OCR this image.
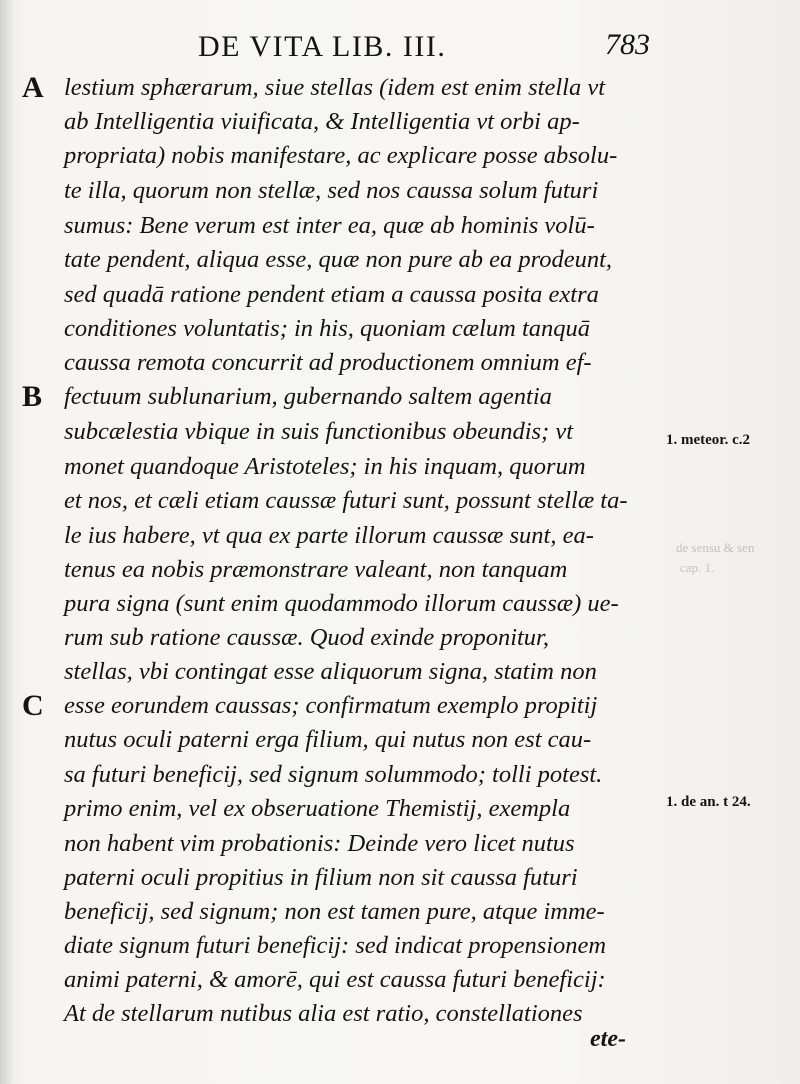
DE VITA LIB. III.	783
A
B
C
lestium sphærarum, siue stellas (idem est enim stella vt
ab Intelligentia viuificata, & Intelligentia vt orbi ap-
propriata) nobis manifestare, ac explicare posse absolu-
te illa, quorum non stellæ, sed nos caussa solum futuri
sumus: Bene verum est inter ea, quæ ab hominis volū-
tate pendent, aliqua esse, quæ non pure ab ea prodeunt,
sed quadā ratione pendent etiam a caussa posita extra
conditiones voluntatis; in his, quoniam cælum tanquā
caussa remota concurrit ad productionem omnium ef-
fectuum sublunarium, gubernando saltem agentia
subcælestia vbique in suis functionibus obeundis; vt
monet quandoque Aristoteles; in his inquam, quorum
et nos, et cæli etiam caussæ futuri sunt, possunt stellæ ta-
le ius habere, vt qua ex parte illorum caussæ sunt, ea-
tenus ea nobis præmonstrare valeant, non tanquam
pura signa (sunt enim quodammodo illorum caussæ) ue-
rum sub ratione caussæ. Quod exinde proponitur,
stellas, vbi contingat esse aliquorum signa, statim non
esse eorundem caussas; confirmatum exemplo propitij
nutus oculi paterni erga filium, qui nutus non est cau-
sa futuri beneficij, sed signum solummodo; tolli potest.
primo enim, vel ex obseruatione Themistij, exempla
non habent vim probationis: Deinde vero licet nutus
paterni oculi propitius in filium non sit caussa futuri
beneficij, sed signum; non est tamen pure, atque imme-
diate signum futuri beneficij: sed indicat propensionem
animi paterni, & amorē, qui est caussa futuri beneficij:
At de stellarum nutibus alia est ratio, constellationes
1. meteor. c.2
1. de an. t 24.
de sensu & sen
cap. 1.
ete-
